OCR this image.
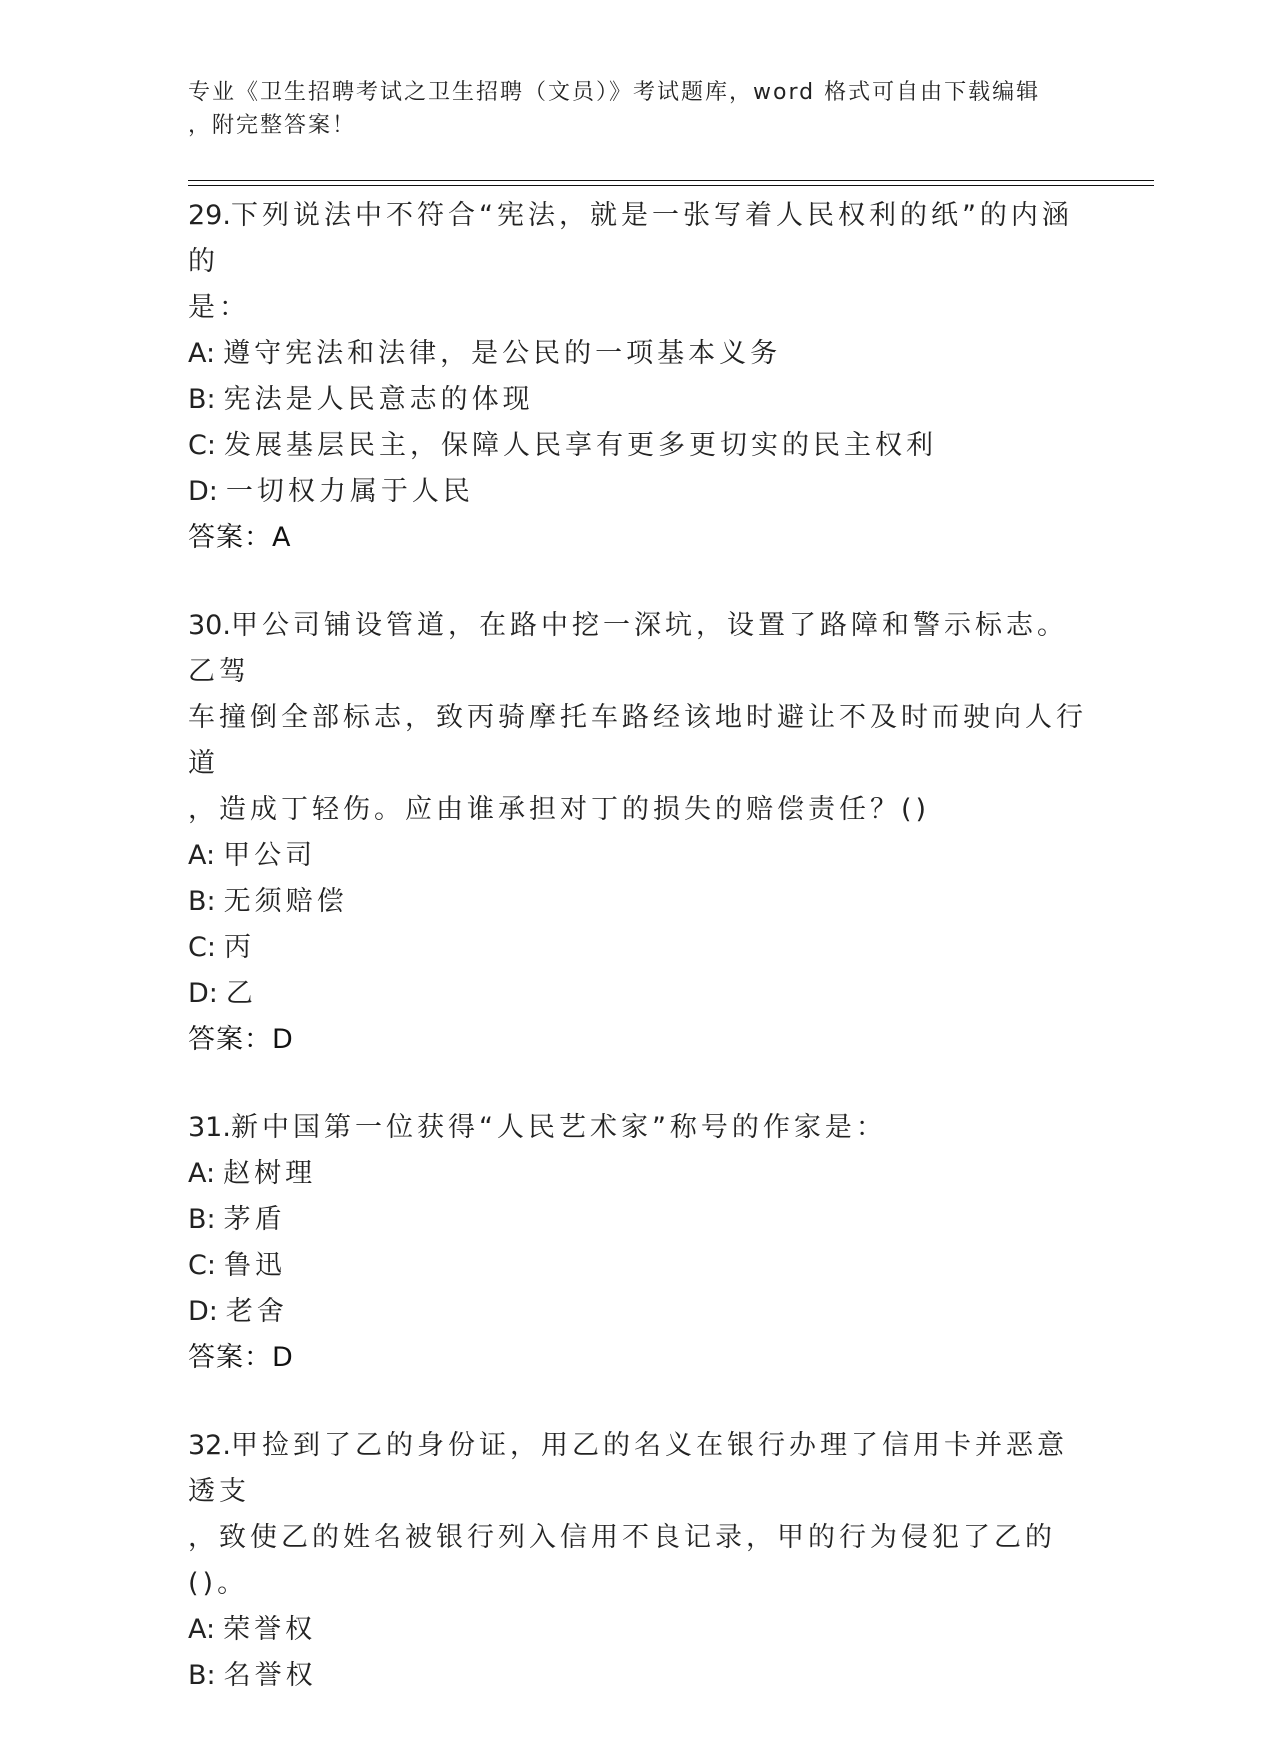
专业《卫生招聘考试之卫生招聘（文员）》考试题库，word 格式可自由下载编辑
，附完整答案！
29.下列说法中不符合“宪法，就是一张写着人民权利的纸”的内涵的
是：
A: 遵守宪法和法律，是公民的一项基本义务
B: 宪法是人民意志的体现
C: 发展基层民主，保障人民享有更多更切实的民主权利
D: 一切权力属于人民
答案：A
30.甲公司铺设管道，在路中挖一深坑，设置了路障和警示标志。乙驾
车撞倒全部标志，致丙骑摩托车路经该地时避让不及时而驶向人行道
，造成丁轻伤。应由谁承担对丁的损失的赔偿责任？()
A: 甲公司
B: 无须赔偿
C: 丙
D: 乙
答案：D
31.新中国第一位获得“人民艺术家”称号的作家是：
A: 赵树理
B: 茅盾
C: 鲁迅
D: 老舍
答案：D
32.甲捡到了乙的身份证，用乙的名义在银行办理了信用卡并恶意透支
，致使乙的姓名被银行列入信用不良记录，甲的行为侵犯了乙的()。
A: 荣誉权
B: 名誉权
